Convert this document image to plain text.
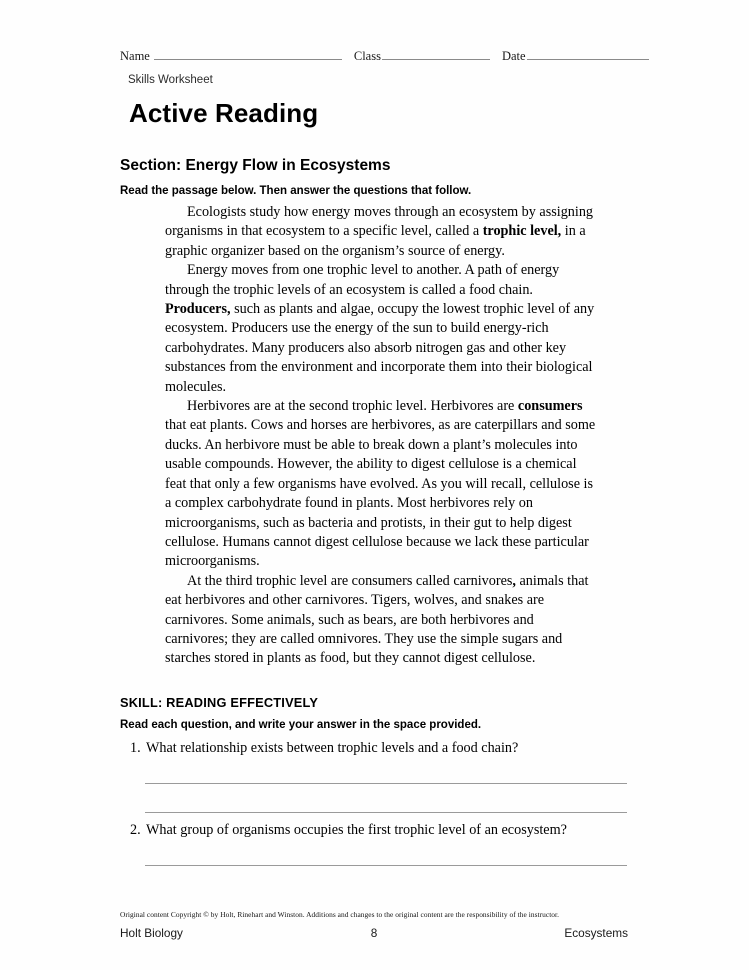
Name	Class	Date
Skills Worksheet
Active Reading
Section: Energy Flow in Ecosystems
Read the passage below. Then answer the questions that follow.

Ecologists study how energy moves through an ecosystem by assigning organisms in that ecosystem to a specific level, called a trophic level, in a graphic organizer based on the organism’s source of energy.

Energy moves from one trophic level to another. A path of energy through the trophic levels of an ecosystem is called a food chain. Producers, such as plants and algae, occupy the lowest trophic level of any ecosystem. Producers use the energy of the sun to build energy-rich carbohydrates. Many producers also absorb nitrogen gas and other key substances from the environment and incorporate them into their biological molecules.

Herbivores are at the second trophic level. Herbivores are consumers that eat plants. Cows and horses are herbivores, as are caterpillars and some ducks. An herbivore must be able to break down a plant’s molecules into usable compounds. However, the ability to digest cellulose is a chemical feat that only a few organisms have evolved. As you will recall, cellulose is a complex carbohydrate found in plants. Most herbivores rely on microorganisms, such as bacteria and protists, in their gut to help digest cellulose. Humans cannot digest cellulose because we lack these particular microorganisms.

At the third trophic level are consumers called carnivores, animals that eat herbivores and other carnivores. Tigers, wolves, and snakes are carnivores. Some animals, such as bears, are both herbivores and carnivores; they are called omnivores. They use the simple sugars and starches stored in plants as food, but they cannot digest cellulose.

SKILL: READING EFFECTIVELY
Read each question, and write your answer in the space provided.
1. What relationship exists between trophic levels and a food chain?
2. What group of organisms occupies the first trophic level of an ecosystem?
Original content Copyright © by Holt, Rinehart and Winston. Additions and changes to the original content are the responsibility of the instructor.
Holt Biology	8	Ecosystems
